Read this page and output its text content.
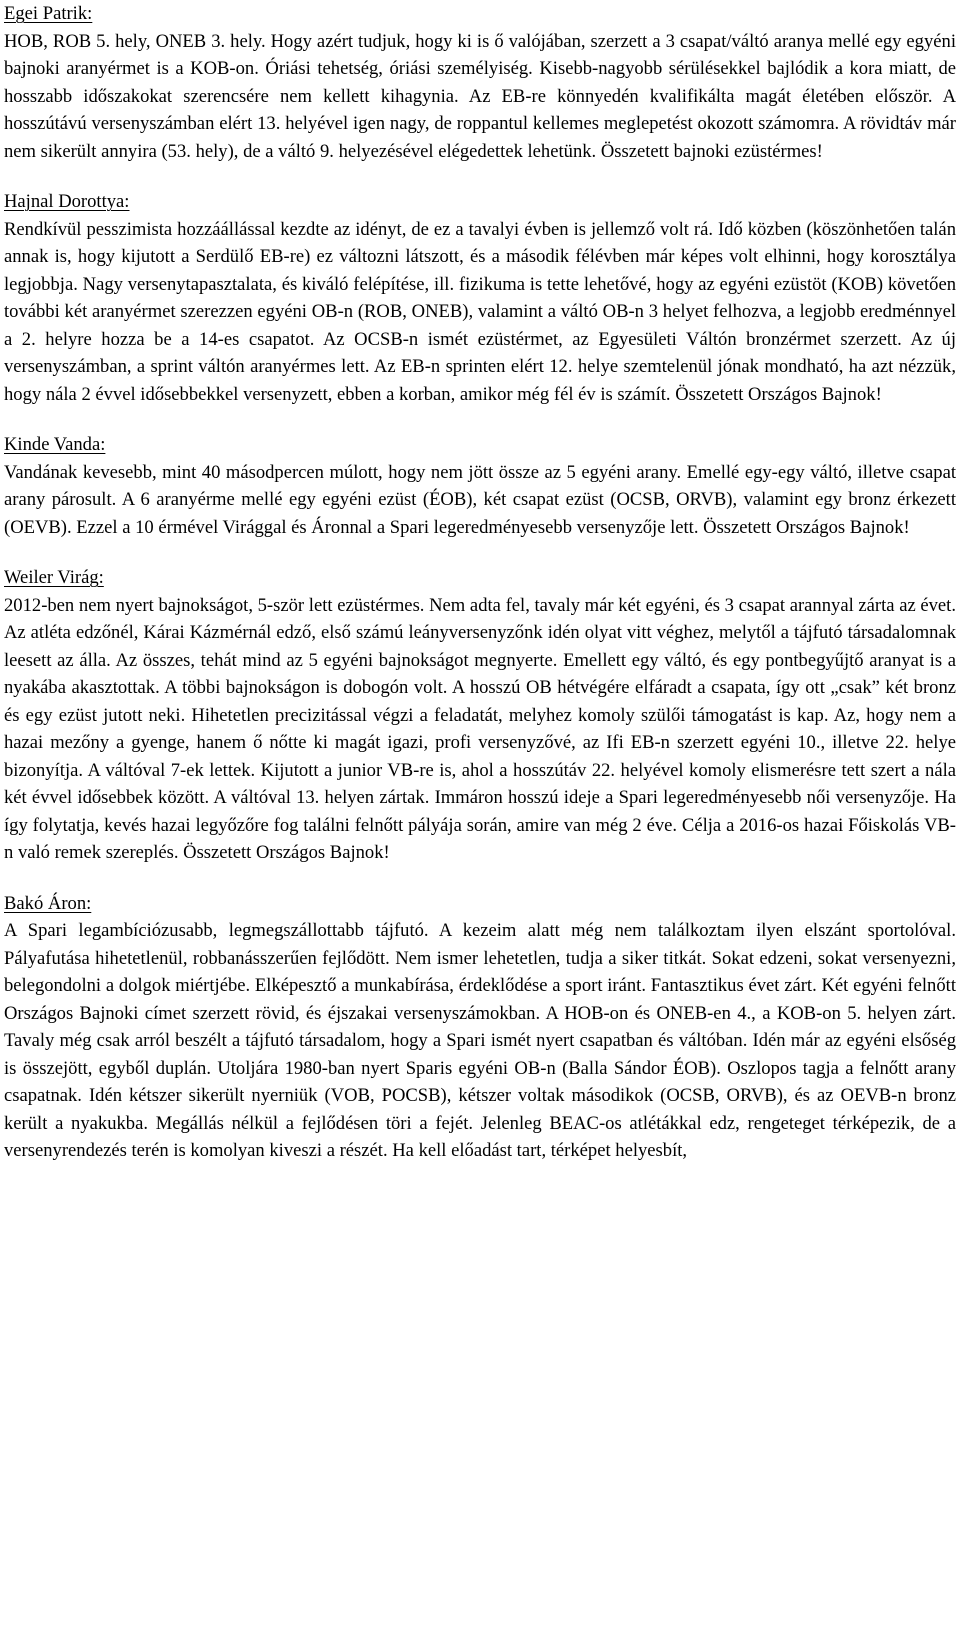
Egei Patrik:

HOB, ROB 5. hely, ONEB 3. hely. Hogy azért tudjuk, hogy ki is ő valójában, szerzett a 3 csapat/váltó aranya mellé egy egyéni bajnoki aranyérmet is a KOB-on. Óriási tehetség, óriási személyiség. Kisebb-nagyobb sérülésekkel bajlódik a kora miatt, de hosszabb időszakokat szerencsére nem kellett kihagynia. Az EB-re könnyedén kvalifikálta magát életében először. A hosszútávú versenyszámban elért 13. helyével igen nagy, de roppantul kellemes meglepetést okozott számomra. A rövidtáv már nem sikerült annyira (53. hely), de a váltó 9. helyezésével elégedettek lehetünk. Összetett bajnoki ezüstérmes!

Hajnal Dorottya:

Rendkívül pesszimista hozzáállással kezdte az idényt, de ez a tavalyi évben is jellemző volt rá. Idő közben (köszönhetően talán annak is, hogy kijutott a Serdülő EB-re) ez változni látszott, és a második félévben már képes volt elhinni, hogy korosztálya legjobbja. Nagy versenytapasztalata, és kiváló felépítése, ill. fizikuma is tette lehetővé, hogy az egyéni ezüstöt (KOB) követően további két aranyérmet szerezzen egyéni OB-n (ROB, ONEB), valamint a váltó OB-n 3 helyet felhozva, a legjobb eredménnyel a 2. helyre hozza be a 14-es csapatot. Az OCSB-n ismét ezüstérmet, az Egyesületi Váltón bronzérmet szerzett. Az új versenyszámban, a sprint váltón aranyérmes lett. Az EB-n sprinten elért 12. helye szemtelenül jónak mondható, ha azt nézzük, hogy nála 2 évvel idősebbekkel versenyzett, ebben a korban, amikor még fél év is számít. Összetett Országos Bajnok!

Kinde Vanda:

Vandának kevesebb, mint 40 másodpercen múlott, hogy nem jött össze az 5 egyéni arany. Emellé egy-egy váltó, illetve csapat arany párosult. A 6 aranyérme mellé egy egyéni ezüst (ÉOB), két csapat ezüst (OCSB, ORVB), valamint egy bronz érkezett (OEVB). Ezzel a 10 érmével Virággal és Áronnal a Spari legeredményesebb versenyzője lett. Összetett Országos Bajnok!

Weiler Virág:

2012-ben nem nyert bajnokságot, 5-ször lett ezüstérmes. Nem adta fel, tavaly már két egyéni, és 3 csapat arannyal zárta az évet. Az atléta edzőnél, Kárai Kázmérnál edző, első számú leányversenyzőnk idén olyat vitt véghez, melytől a tájfutó társadalomnak leesett az álla. Az összes, tehát mind az 5 egyéni bajnokságot megnyerte. Emellett egy váltó, és egy pontbegyűjtő aranyat is a nyakába akasztottak. A többi bajnokságon is dobogón volt. A hosszú OB hétvégére elfáradt a csapata, így ott „csak” két bronz és egy ezüst jutott neki. Hihetetlen precizitással végzi a feladatát, melyhez komoly szülői támogatást is kap. Az, hogy nem a hazai mezőny a gyenge, hanem ő nőtte ki magát igazi, profi versenyzővé, az Ifi EB-n szerzett egyéni 10., illetve 22. helye bizonyítja. A váltóval 7-ek lettek. Kijutott a junior VB-re is, ahol a hosszútáv 22. helyével komoly elismerésre tett szert a nála két évvel idősebbek között. A váltóval 13. helyen zártak. Immáron hosszú ideje a Spari legeredményesebb női versenyzője. Ha így folytatja, kevés hazai legyőzőre fog találni felnőtt pályája során, amire van még 2 éve. Célja a 2016-os hazai Főiskolás VB-n való remek szereplés. Összetett Országos Bajnok!

Bakó Áron:

A Spari legambíciózusabb, legmegszállottabb tájfutó. A kezeim alatt még nem találkoztam ilyen elszánt sportolóval. Pályafutása hihetetlenül, robbanásszerűen fejlődött. Nem ismer lehetetlen, tudja a siker titkát. Sokat edzeni, sokat versenyezni, belegondolni a dolgok miértjébe. Elképesztő a munkabírása, érdeklődése a sport iránt. Fantasztikus évet zárt. Két egyéni felnőtt Országos Bajnoki címet szerzett rövid, és éjszakai versenyszámokban. A HOB-on és ONEB-en 4., a KOB-on 5. helyen zárt. Tavaly még csak arról beszélt a tájfutó társadalom, hogy a Spari ismét nyert csapatban és váltóban. Idén már az egyéni elsőség is összejött, egyből duplán. Utoljára 1980-ban nyert Sparis egyéni OB-n (Balla Sándor ÉOB). Oszlopos tagja a felnőtt arany csapatnak. Idén kétszer sikerült nyerniük (VOB, POCSB), kétszer voltak másodikok (OCSB, ORVB), és az OEVB-n bronz került a nyakukba. Megállás nélkül a fejlődésen töri a fejét. Jelenleg BEAC-os atlétákkal edz, rengeteget térképezik, de a versenyrendezés terén is komolyan kiveszi a részét. Ha kell előadást tart, térképet helyesbít,
